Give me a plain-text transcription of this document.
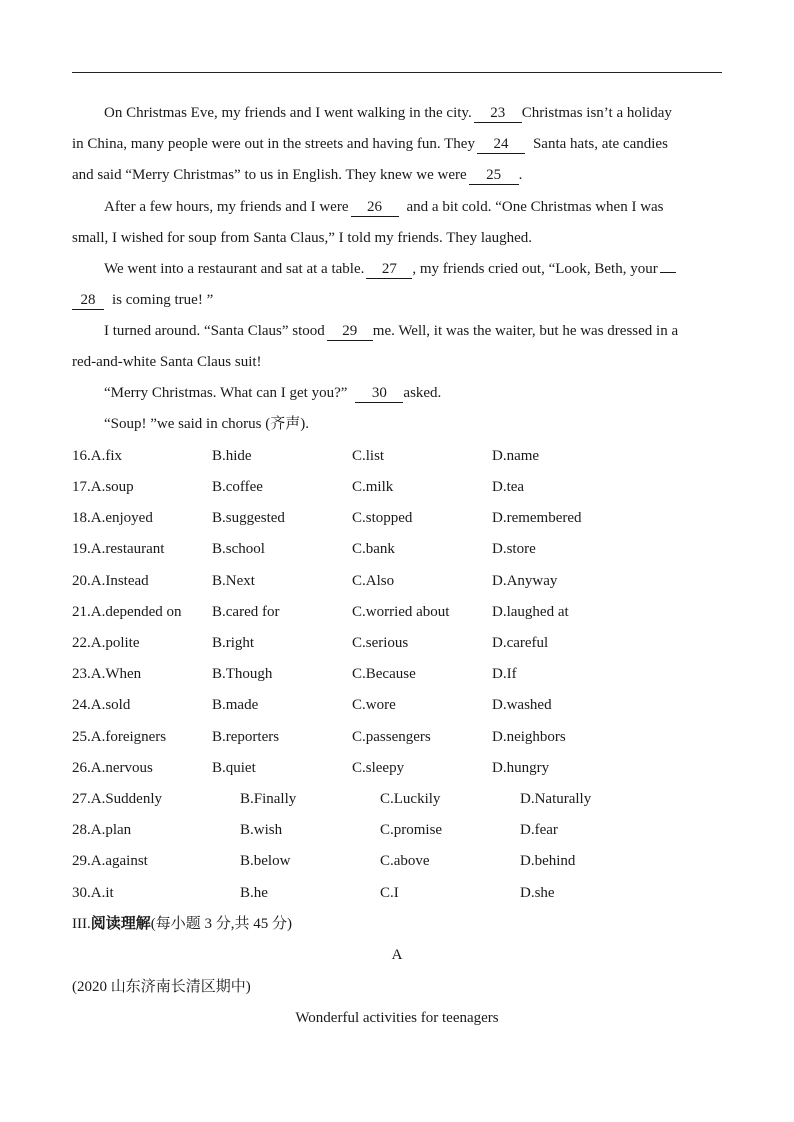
On Christmas Eve, my friends and I went walking in the city. 23 Christmas isn’t a holiday
in China, many people were out in the streets and having fun. They 24 Santa hats, ate candies
and said “Merry Christmas” to us in English. They knew we were 25 .
After a few hours, my friends and I were 26 and a bit cold. “One Christmas when I was
small, I wished for soup from Santa Claus,” I told my friends. They laughed.
We went into a restaurant and sat at a table. 27 , my friends cried out, “Look, Beth, your
28 is coming true! ”
I turned around. “Santa Claus” stood 29 me. Well, it was the waiter, but he was dressed in a
red-and-white Santa Claus suit!
“Merry Christmas. What can I get you?” 30 asked.
“Soup! ”we said in chorus (齐声).
16.A.fix	B.hide	C.list	D.name
17.A.soup	B.coffee	C.milk	D.tea
18.A.enjoyed	B.suggested	C.stopped	D.remembered
19.A.restaurant	B.school	C.bank	D.store
20.A.Instead	B.Next	C.Also	D.Anyway
21.A.depended on B.cared for	C.worried about	D.laughed at
22.A.polite	B.right	C.serious	D.careful
23.A.When	B.Though	C.Because	D.If
24.A.sold	B.made	C.wore	D.washed
25.A.foreigners	B.reporters	C.passengers	D.neighbors
26.A.nervous	B.quiet	C.sleepy	D.hungry
27.A.Suddenly	B.Finally	C.Luckily	D.Naturally
28.A.plan	B.wish	C.promise	D.fear
29.A.against	B.below	C.above	D.behind
30.A.it	B.he	C.I	D.she
III.阅读理解(每小题 3 分,共 45 分)
A
(2020 山东济南长清区期中)
Wonderful activities for teenagers
